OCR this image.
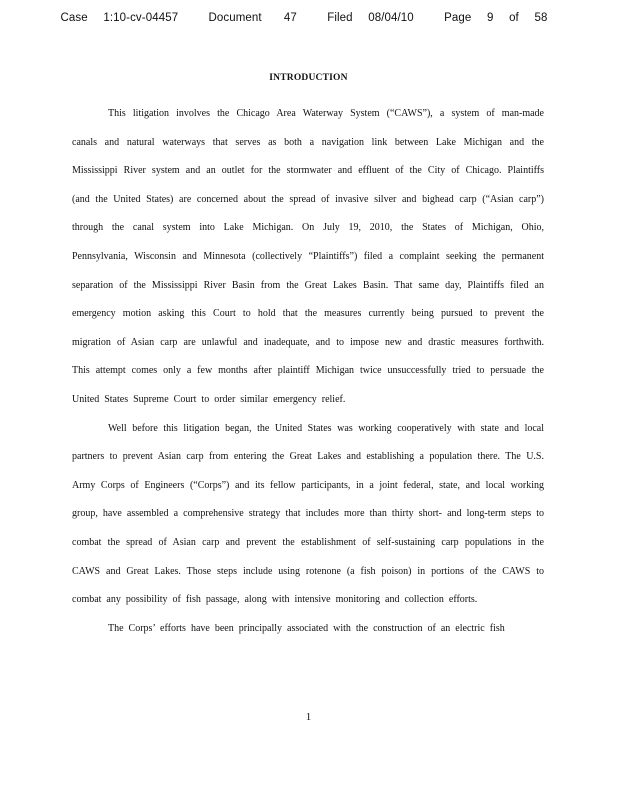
Case 1:10-cv-04457	Document 47	Filed 08/04/10	Page 9 of 58
INTRODUCTION

This litigation involves the Chicago Area Waterway System (“CAWS”), a system of man-made canals and natural waterways that serves as both a navigation link between Lake Michigan and the Mississippi River system and an outlet for the stormwater and effluent of the City of Chicago. Plaintiffs (and the United States) are concerned about the spread of invasive silver and bighead carp (“Asian carp”) through the canal system into Lake Michigan. On July 19, 2010, the States of Michigan, Ohio, Pennsylvania, Wisconsin and Minnesota (collectively “Plaintiffs”) filed a complaint seeking the permanent separation of the Mississippi River Basin from the Great Lakes Basin. That same day, Plaintiffs filed an emergency motion asking this Court to hold that the measures currently being pursued to prevent the migration of Asian carp are unlawful and inadequate, and to impose new and drastic measures forthwith. This attempt comes only a few months after plaintiff Michigan twice unsuccessfully tried to persuade the United States Supreme Court to order similar emergency relief.

Well before this litigation began, the United States was working cooperatively with state and local partners to prevent Asian carp from entering the Great Lakes and establishing a population there. The U.S. Army Corps of Engineers (“Corps”) and its fellow participants, in a joint federal, state, and local working group, have assembled a comprehensive strategy that includes more than thirty short- and long-term steps to combat the spread of Asian carp and prevent the establishment of self-sustaining carp populations in the CAWS and Great Lakes. Those steps include using rotenone (a fish poison) in portions of the CAWS to combat any possibility of fish passage, along with intensive monitoring and collection efforts.

The Corps’ efforts have been principally associated with the construction of an electric fish

1
